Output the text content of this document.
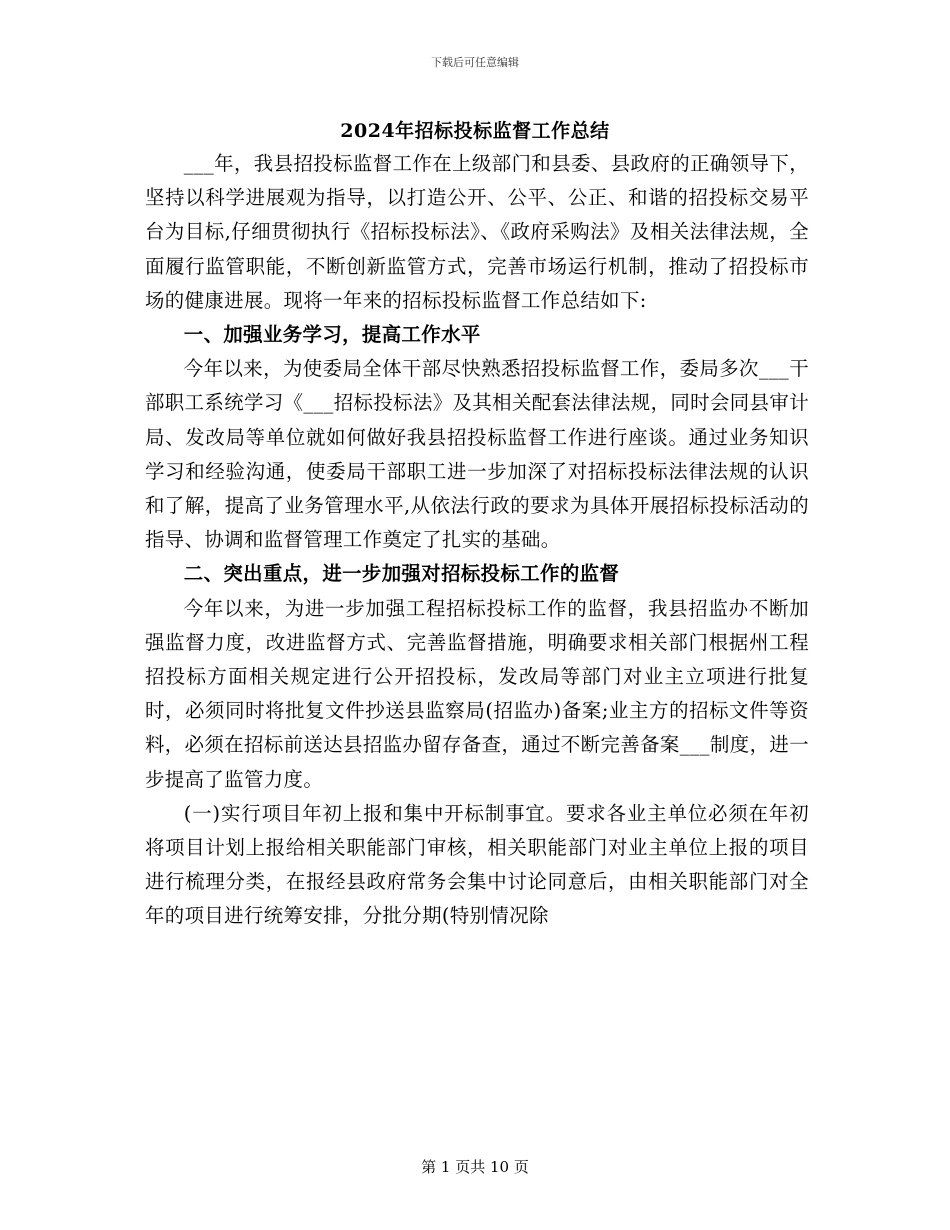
下载后可任意编辑
2024年招标投标监督工作总结

___年，我县招投标监督工作在上级部门和县委、县政府的正确领导下，坚持以科学进展观为指导，以打造公开、公平、公正、和谐的招投标交易平台为目标,仔细贯彻执行《招标投标法》、《政府采购法》及相关法律法规，全面履行监管职能，不断创新监管方式，完善市场运行机制，推动了招投标市场的健康进展。现将一年来的招标投标监督工作总结如下:

一、加强业务学习，提高工作水平

今年以来，为使委局全体干部尽快熟悉招投标监督工作，委局多次___干部职工系统学习《___招标投标法》及其相关配套法律法规，同时会同县审计局、发改局等单位就如何做好我县招投标监督工作进行座谈。通过业务知识学习和经验沟通，使委局干部职工进一步加深了对招标投标法律法规的认识和了解，提高了业务管理水平,从依法行政的要求为具体开展招标投标活动的指导、协调和监督管理工作奠定了扎实的基础。

二、突出重点，进一步加强对招标投标工作的监督

今年以来，为进一步加强工程招标投标工作的监督，我县招监办不断加强监督力度，改进监督方式、完善监督措施，明确要求相关部门根据州工程招投标方面相关规定进行公开招投标，发改局等部门对业主立项进行批复时，必须同时将批复文件抄送县监察局(招监办)备案;业主方的招标文件等资料，必须在招标前送达县招监办留存备查，通过不断完善备案___制度，进一步提高了监管力度。

(一)实行项目年初上报和集中开标制事宜。要求各业主单位必须在年初将项目计划上报给相关职能部门审核，相关职能部门对业主单位上报的项目进行梳理分类，在报经县政府常务会集中讨论同意后，由相关职能部门对全年的项目进行统筹安排，分批分期(特别情况除

第 1 页共 10 页
